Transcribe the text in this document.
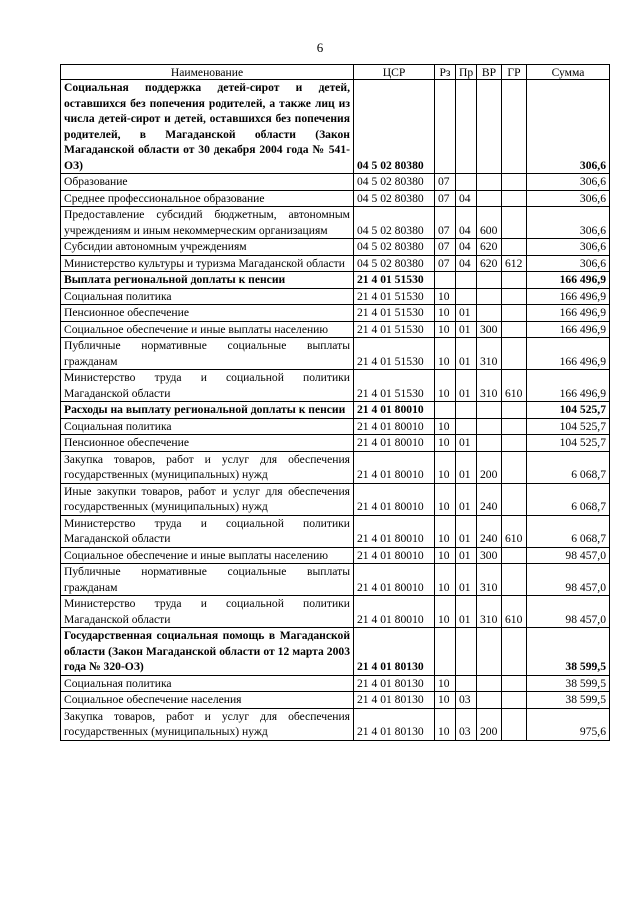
6
Наименование	ЦСР	Рз	Пр	ВР	ГР	Сумма
Социальная поддержка детей-сирот и детей, оставшихся без попечения родителей, а также лиц из числа детей-сирот и детей, оставшихся без попечения родителей, в Магаданской области (Закон Магаданской области от 30 декабря 2004 года № 541-ОЗ)	04 5 02 80380					306,6
Образование	04 5 02 80380	07				306,6
Среднее профессиональное образование	04 5 02 80380	07	04			306,6
Предоставление субсидий бюджетным, автономным учреждениям и иным некоммерческим организациям	04 5 02 80380	07	04	600		306,6
Субсидии автономным учреждениям	04 5 02 80380	07	04	620		306,6
Министерство культуры и туризма Магаданской области	04 5 02 80380	07	04	620	612	306,6
Выплата региональной доплаты к пенсии	21 4 01 51530					166 496,9
Социальная политика	21 4 01 51530	10				166 496,9
Пенсионное обеспечение	21 4 01 51530	10	01			166 496,9
Социальное обеспечение и иные выплаты населению	21 4 01 51530	10	01	300		166 496,9
Публичные нормативные социальные выплаты гражданам	21 4 01 51530	10	01	310		166 496,9
Министерство труда и социальной политики Магаданской области	21 4 01 51530	10	01	310	610	166 496,9
Расходы на выплату региональной доплаты к пенсии	21 4 01 80010					104 525,7
Социальная политика	21 4 01 80010	10				104 525,7
Пенсионное обеспечение	21 4 01 80010	10	01			104 525,7
Закупка товаров, работ и услуг для обеспечения государственных (муниципальных) нужд	21 4 01 80010	10	01	200		6 068,7
Иные закупки товаров, работ и услуг для обеспечения государственных (муниципальных) нужд	21 4 01 80010	10	01	240		6 068,7
Министерство труда и социальной политики Магаданской области	21 4 01 80010	10	01	240	610	6 068,7
Социальное обеспечение и иные выплаты населению	21 4 01 80010	10	01	300		98 457,0
Публичные нормативные социальные выплаты гражданам	21 4 01 80010	10	01	310		98 457,0
Министерство труда и социальной политики Магаданской области	21 4 01 80010	10	01	310	610	98 457,0
Государственная социальная помощь в Магаданской области (Закон Магаданской области от 12 марта 2003 года № 320-ОЗ)	21 4 01 80130					38 599,5
Социальная политика	21 4 01 80130	10				38 599,5
Социальное обеспечение населения	21 4 01 80130	10	03			38 599,5
Закупка товаров, работ и услуг для обеспечения государственных (муниципальных) нужд	21 4 01 80130	10	03	200		975,6
